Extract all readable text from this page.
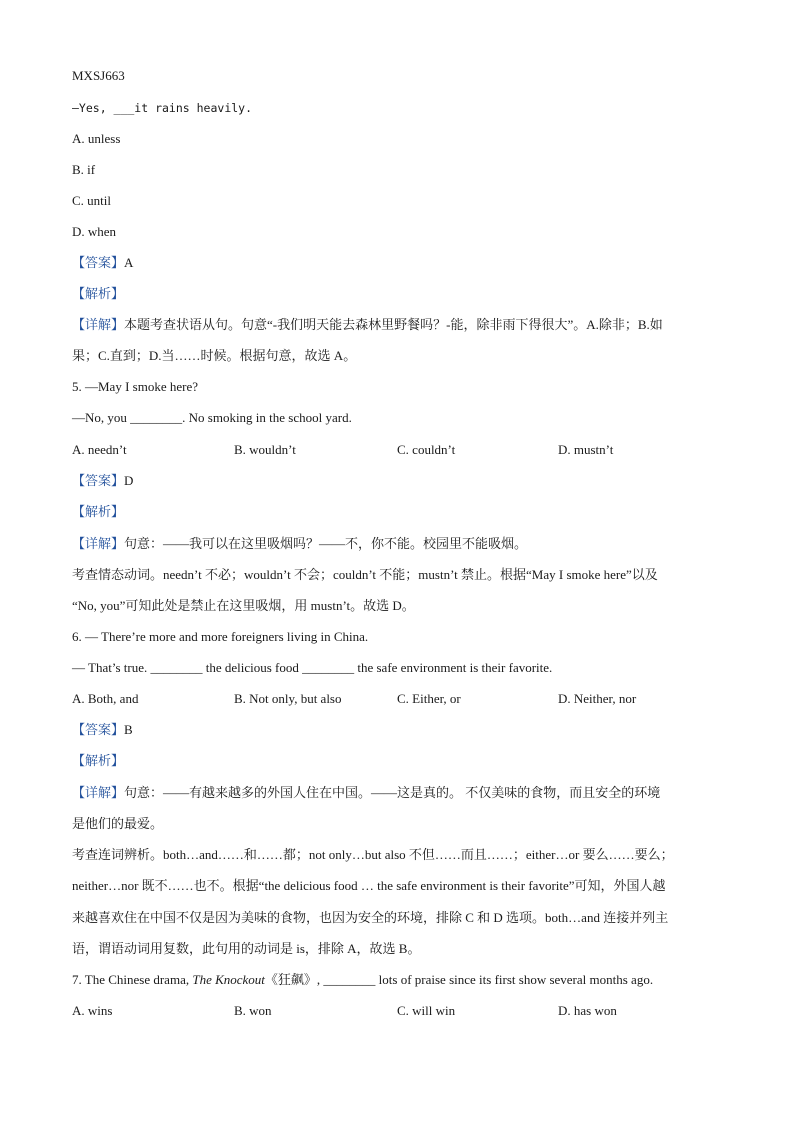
MXSJ663
–Yes, ___it rains heavily.
A. unless
B. if
C. until
D. when
【答案】A
【解析】
【详解】本题考查状语从句。句意“-我们明天能去森林里野餐吗？-能，除非雨下得很大”。A.除非；B.如
果；C.直到；D.当……时候。根据句意，故选 A。
5. —May I smoke here?
—No, you ________. No smoking in the school yard.
A. needn’t	B. wouldn’t	C. couldn’t	D. mustn’t
【答案】D
【解析】
【详解】句意：——我可以在这里吸烟吗？——不，你不能。校园里不能吸烟。
考查情态动词。needn’t 不必；wouldn’t 不会；couldn’t 不能；mustn’t 禁止。根据“May I smoke here”以及
“No, you”可知此处是禁止在这里吸烟，用 mustn’t。故选 D。
6. — There’re more and more foreigners living in China.
— That’s true. ________ the delicious food ________ the safe environment is their favorite.
A. Both, and	B. Not only, but also	C. Either, or	D. Neither, nor
【答案】B
【解析】
【详解】句意：——有越来越多的外国人住在中国。——这是真的。 不仅美味的食物，而且安全的环境
是他们的最爱。
考查连词辨析。both…and……和……都；not only…but also 不但……而且……；either…or 要么……要么；
neither…nor 既不……也不。根据“the delicious food … the safe environment is their favorite”可知，外国人越
来越喜欢住在中国不仅是因为美味的食物，也因为安全的环境，排除 C 和 D 选项。both…and 连接并列主
语，谓语动词用复数，此句用的动词是 is，排除 A，故选 B。
7. The Chinese drama, The Knockout《狂飙》, ________ lots of praise since its first show several months ago.
A. wins	B. won	C. will win	D. has won
